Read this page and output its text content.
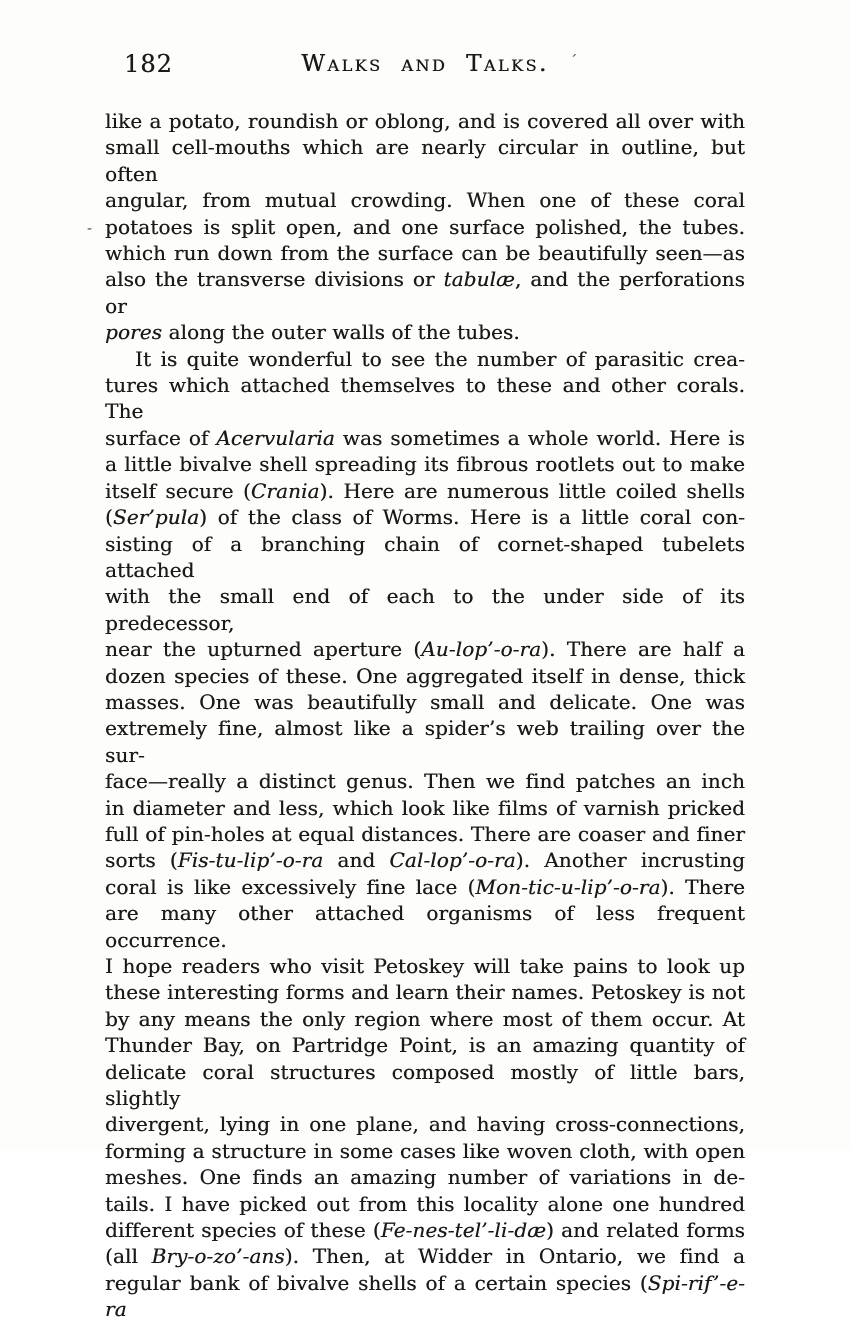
182	Walks and Talks.	´
-
like a potato, roundish or oblong, and is covered all over with
small cell-mouths which are nearly circular in outline, but often
angular, from mutual crowding. When one of these coral
potatoes is split open, and one surface polished, the tubes.
which run down from the surface can be beautifully seen—as
also the transverse divisions or tabulæ, and the perforations or
pores along the outer walls of the tubes.
It is quite wonderful to see the number of parasitic crea-
tures which attached themselves to these and other corals. The
surface of Acervularia was sometimes a whole world. Here is
a little bivalve shell spreading its fibrous rootlets out to make
itself secure (Crania). Here are numerous little coiled shells
(Ser’pula) of the class of Worms. Here is a little coral con-
sisting of a branching chain of cornet-shaped tubelets attached
with the small end of each to the under side of its predecessor,
near the upturned aperture (Au-lop’-o-ra). There are half a
dozen species of these. One aggregated itself in dense, thick
masses. One was beautifully small and delicate. One was
extremely fine, almost like a spider’s web trailing over the sur-
face—really a distinct genus. Then we find patches an inch
in diameter and less, which look like films of varnish pricked
full of pin-holes at equal distances. There are coaser and finer
sorts (Fis-tu-lip’-o-ra and Cal-lop’-o-ra). Another incrusting
coral is like excessively fine lace (Mon-tic-u-lip’-o-ra). There
are many other attached organisms of less frequent occurrence.
I hope readers who visit Petoskey will take pains to look up
these interesting forms and learn their names. Petoskey is not
by any means the only region where most of them occur. At
Thunder Bay, on Partridge Point, is an amazing quantity of
delicate coral structures composed mostly of little bars, slightly
divergent, lying in one plane, and having cross-connections,
forming a structure in some cases like woven cloth, with open
meshes. One finds an amazing number of variations in de-
tails. I have picked out from this locality alone one hundred
different species of these (Fe-nes-tel’-li-dæ) and related forms
(all Bry-o-zo’-ans). Then, at Widder in Ontario, we find a
regular bank of bivalve shells of a certain species (Spi-rif’-e-ra
